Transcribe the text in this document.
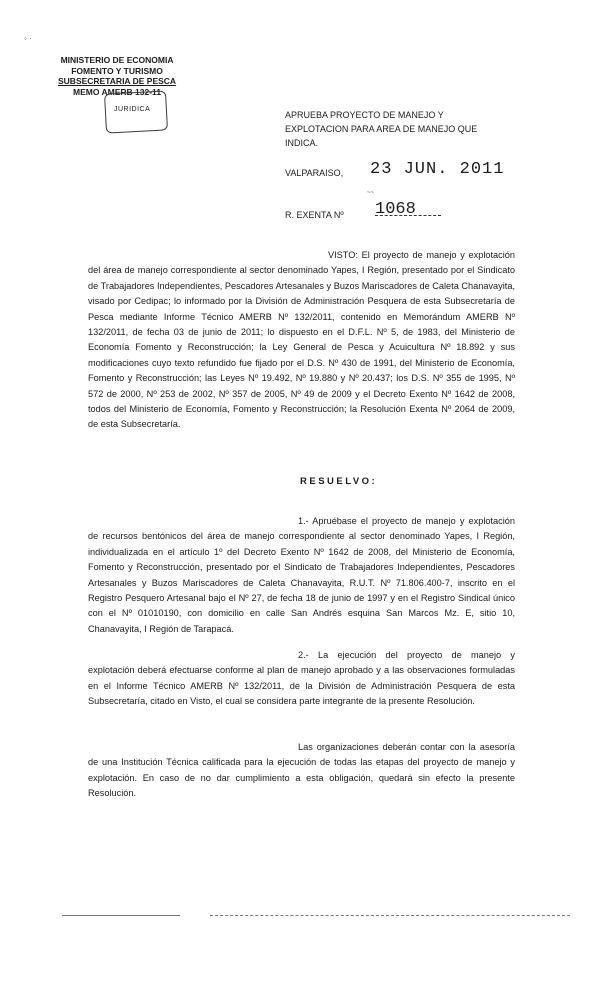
◦ ·
MINISTERIO DE ECONOMIA
FOMENTO Y TURISMO
SUBSECRETARIA DE PESCA
MEMO AMERB 132-11
JURIDICA
APRUEBA PROYECTO DE MANEJO Y EXPLOTACION PARA AREA DE MANEJO QUE INDICA.
VALPARAISO, 23 JUN. 2011
~~
R. EXENTA Nº 1068
VISTO: El proyecto de manejo y explotación del área de manejo correspondiente al sector denominado Yapes, I Región, presentado por el Sindicato de Trabajadores Independientes, Pescadores Artesanales y Buzos Mariscadores de Caleta Chanavayita, visado por Cedipac; lo informado por la División de Administración Pesquera de esta Subsecretaría de Pesca mediante Informe Técnico AMERB Nº 132/2011, contenido en Memorándum AMERB Nº 132/2011, de fecha 03 de junio de 2011; lo dispuesto en el D.F.L. Nº 5, de 1983, del Ministerio de Economía Fomento y Reconstrucción; la Ley General de Pesca y Acuicultura Nº 18.892 y sus modificaciones cuyo texto refundido fue fijado por el D.S. Nº 430 de 1991, del Ministerio de Economía, Fomento y Reconstrucción; las Leyes Nº 19.492, Nº 19.880 y Nº 20.437; los D.S. Nº 355 de 1995, Nº 572 de 2000, Nº 253 de 2002, Nº 357 de 2005, Nº 49 de 2009 y el Decreto Exento Nº 1642 de 2008, todos del Ministerio de Economía, Fomento y Reconstrucción; la Resolución Exenta Nº 2064 de 2009, de esta Subsecretaría.
RESUELVO:
1.- Apruébase el proyecto de manejo y explotación de recursos bentónicos del área de manejo correspondiente al sector denominado Yapes, I Región, individualizada en el artículo 1º del Decreto Exento Nº 1642 de 2008, del Ministerio de Economía, Fomento y Reconstrucción, presentado por el Sindicato de Trabajadores Independientes, Pescadores Artesanales y Buzos Mariscadores de Caleta Chanavayita, R.U.T. Nº 71.806.400-7, inscrito en el Registro Pesquero Artesanal bajo el Nº 27, de fecha 18 de junio de 1997 y en el Registro Sindical único con el Nº 01010190, con domicilio en calle San Andrés esquina San Marcos Mz. E, sitio 10, Chanavayita, I Región de Tarapacá.
2.- La ejecución del proyecto de manejo y explotación deberá efectuarse conforme al plan de manejo aprobado y a las observaciones formuladas en el Informe Técnico AMERB Nº 132/2011, de la División de Administración Pesquera de esta Subsecretaría, citado en Visto, el cual se considera parte integrante de la presente Resolución.
Las organizaciones deberán contar con la asesoría de una Institución Técnica calificada para la ejecución de todas las etapas del proyecto de manejo y explotación. En caso de no dar cumplimiento a esta obligación, quedará sin efecto la presente Resolución.
